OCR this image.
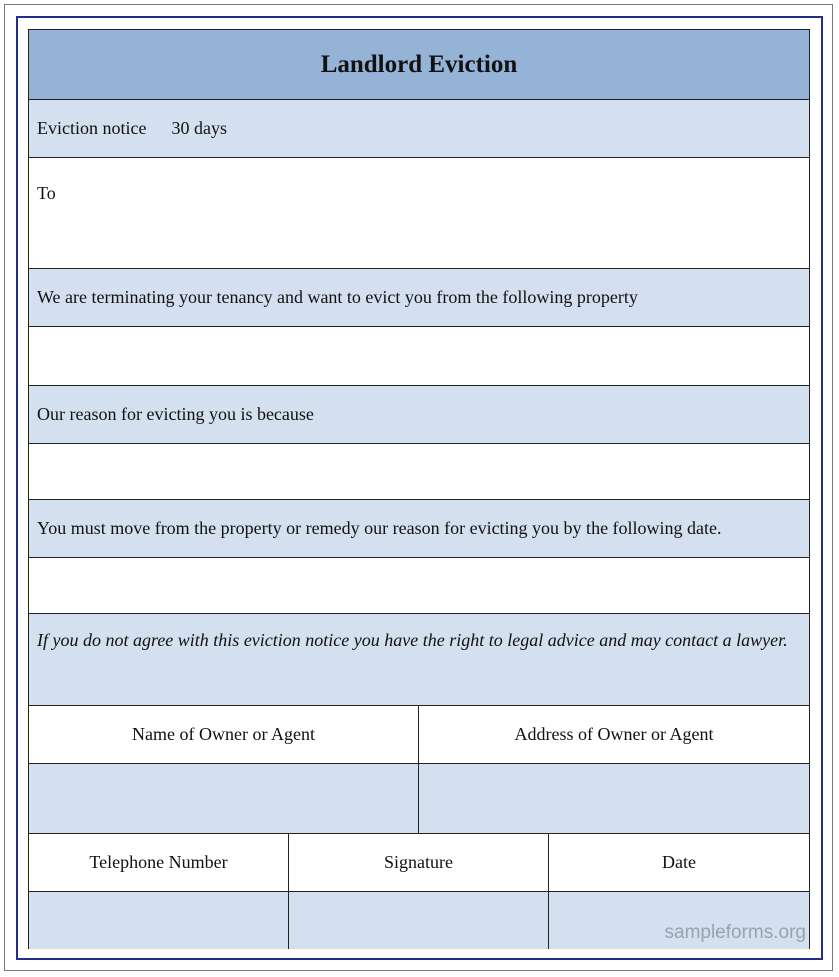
Landlord Eviction
Eviction notice 30 days
To
We are terminating your tenancy and want to evict you from the following property
Our reason for evicting you is because
You must move from the property or remedy our reason for evicting you by the following date.
If you do not agree with this eviction notice you have the right to legal advice and may contact a lawyer.
Name of Owner or Agent	Address of Owner or Agent
Telephone Number	Signature	Date
sampleforms.org
